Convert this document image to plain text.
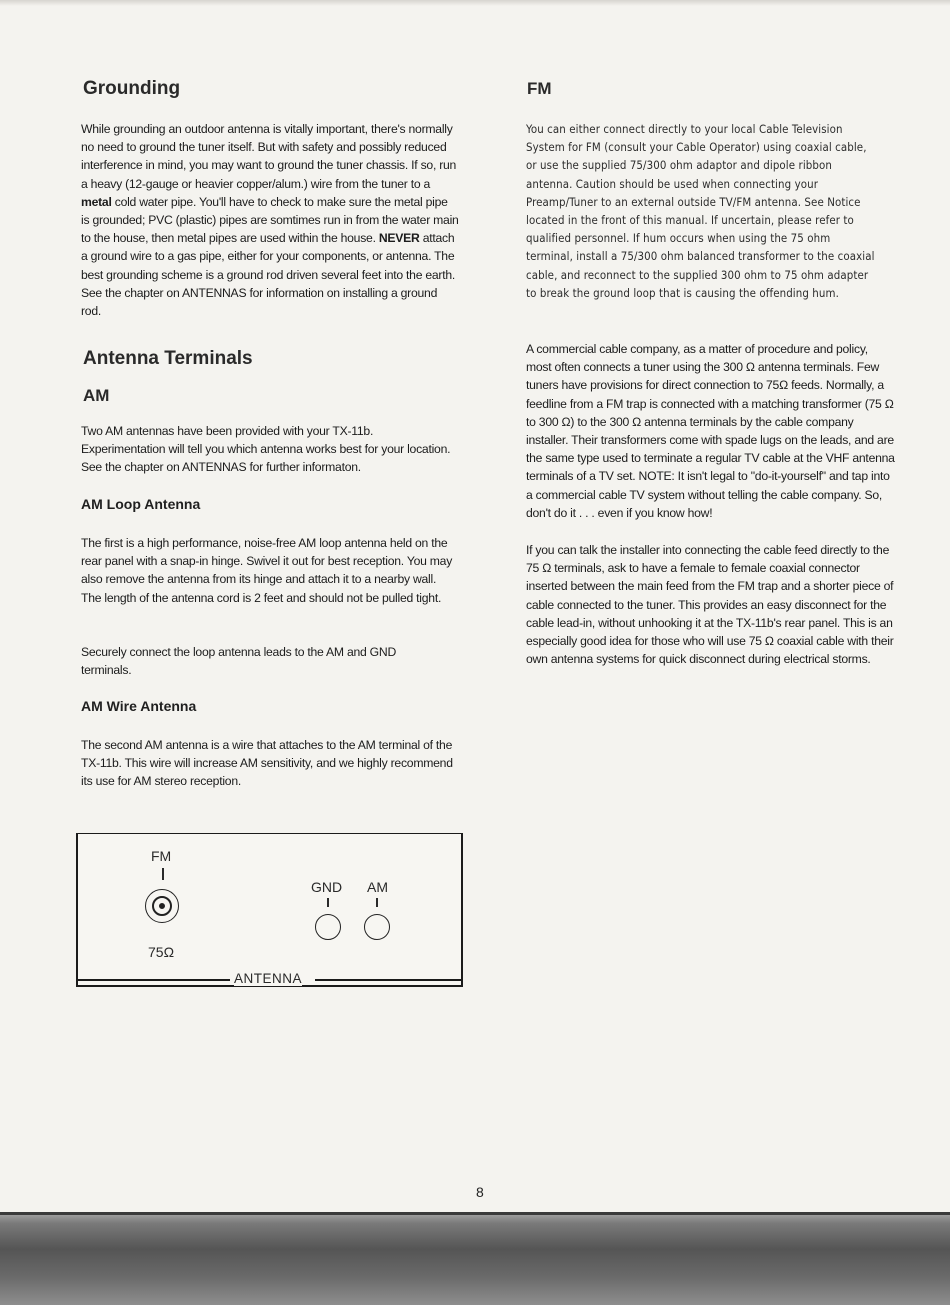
Grounding

While grounding an outdoor antenna is vitally important, there's normally no need to ground the tuner itself. But with safety and possibly reduced interference in mind, you may want to ground the tuner chassis. If so, run a heavy (12-gauge or heavier copper/alum.) wire from the tuner to a metal cold water pipe. You'll have to check to make sure the metal pipe is grounded; PVC (plastic) pipes are somtimes run in from the water main to the house, then metal pipes are used within the house. NEVER attach a ground wire to a gas pipe, either for your components, or antenna. The best grounding scheme is a ground rod driven several feet into the earth. See the chapter on ANTENNAS for information on installing a ground rod.

Antenna Terminals
AM

Two AM antennas have been provided with your TX-11b. Experimentation will tell you which antenna works best for your location. See the chapter on ANTENNAS for further informaton.

AM Loop Antenna

The first is a high performance, noise-free AM loop antenna held on the rear panel with a snap-in hinge. Swivel it out for best reception. You may also remove the antenna from its hinge and attach it to a nearby wall. The length of the antenna cord is 2 feet and should not be pulled tight.

Securely connect the loop antenna leads to the AM and GND terminals.

AM Wire Antenna

The second AM antenna is a wire that attaches to the AM terminal of the TX-11b. This wire will increase AM sensitivity, and we highly recommend its use for AM stereo reception.

FM
75Ω
GND AM
ANTENNA
FM

You can either connect directly to your local Cable Television System for FM (consult your Cable Operator) using coaxial cable, or use the supplied 75/300 ohm adaptor and dipole ribbon antenna. Caution should be used when connecting your Preamp/Tuner to an external outside TV/FM antenna. See Notice located in the front of this manual. If uncertain, please refer to qualified personnel. If hum occurs when using the 75 ohm terminal, install a 75/300 ohm balanced transformer to the coaxial cable, and reconnect to the supplied 300 ohm to 75 ohm adapter to break the ground loop that is causing the offending hum.

A commercial cable company, as a matter of procedure and policy, most often connects a tuner using the 300 Ω antenna terminals. Few tuners have provisions for direct connection to 75Ω feeds. Normally, a feedline from a FM trap is connected with a matching transformer (75 Ω to 300 Ω) to the 300 Ω antenna terminals by the cable company installer. Their transformers come with spade lugs on the leads, and are the same type used to terminate a regular TV cable at the VHF antenna terminals of a TV set. NOTE: It isn't legal to "do-it-yourself" and tap into a commercial cable TV system without telling the cable company. So, don't do it . . . even if you know how!

If you can talk the installer into connecting the cable feed directly to the 75 Ω terminals, ask to have a female to female coaxial connector inserted between the main feed from the FM trap and a shorter piece of cable connected to the tuner. This provides an easy disconnect for the cable lead-in, without unhooking it at the TX-11b's rear panel. This is an especially good idea for those who will use 75 Ω coaxial cable with their own antenna systems for quick disconnect during electrical storms.

8
